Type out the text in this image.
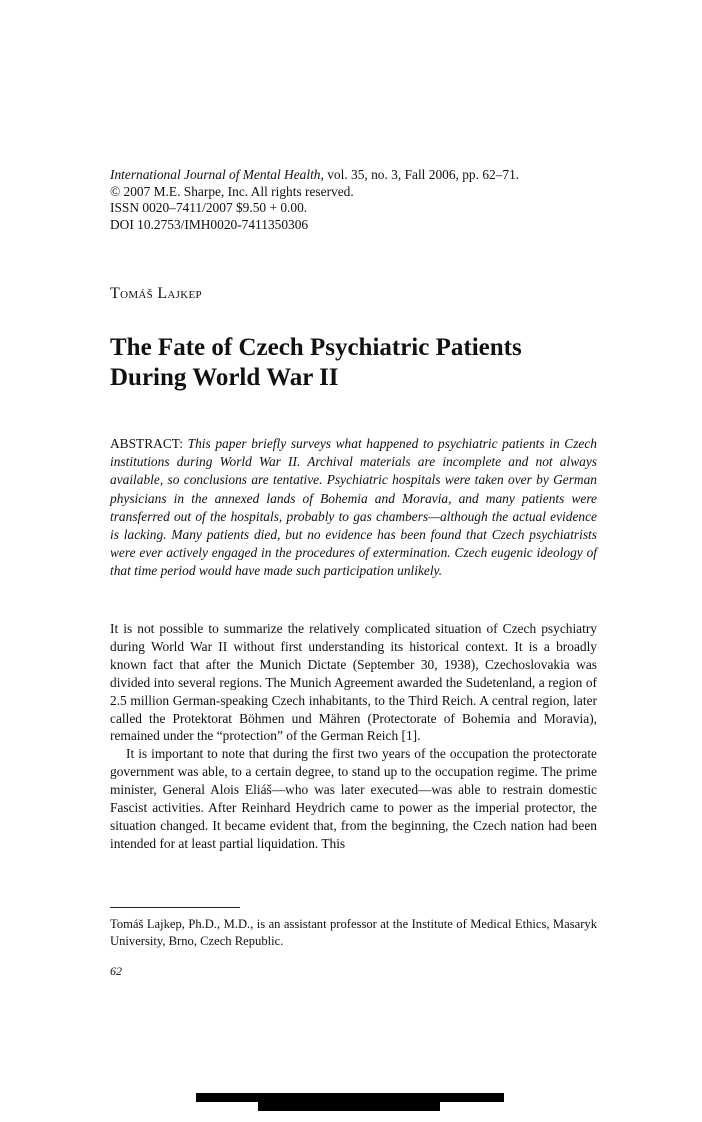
International Journal of Mental Health, vol. 35, no. 3, Fall 2006, pp. 62–71.
© 2007 M.E. Sharpe, Inc. All rights reserved.
ISSN 0020–7411/2007 $9.50 + 0.00.
DOI 10.2753/IMH0020-7411350306
Tomáš Lajkep
The Fate of Czech Psychiatric Patients
During World War II

ABSTRACT: This paper briefly surveys what happened to psychiatric patients in Czech institutions during World War II. Archival materials are incomplete and not always available, so conclusions are tentative. Psychiatric hospitals were taken over by German physicians in the annexed lands of Bohemia and Moravia, and many patients were transferred out of the hospitals, probably to gas chambers—although the actual evidence is lacking. Many patients died, but no evidence has been found that Czech psychiatrists were ever actively engaged in the procedures of extermination. Czech eugenic ideology of that time period would have made such participation unlikely.

It is not possible to summarize the relatively complicated situation of Czech psychiatry during World War II without first understanding its historical context. It is a broadly known fact that after the Munich Dictate (September 30, 1938), Czechoslovakia was divided into several regions. The Munich Agreement awarded the Sudetenland, a region of 2.5 million German-speaking Czech inhabitants, to the Third Reich. A central region, later called the Protektorat Böhmen und Mähren (Protectorate of Bohemia and Moravia), remained under the “protection” of the German Reich [1].

It is important to note that during the first two years of the occupation the protectorate government was able, to a certain degree, to stand up to the occupation regime. The prime minister, General Alois Eliáš—who was later executed—was able to restrain domestic Fascist activities. After Reinhard Heydrich came to power as the imperial protector, the situation changed. It became evident that, from the beginning, the Czech nation had been intended for at least partial liquidation. This

Tomáš Lajkep, Ph.D., M.D., is an assistant professor at the Institute of Medical Ethics, Masaryk University, Brno, Czech Republic.
62
